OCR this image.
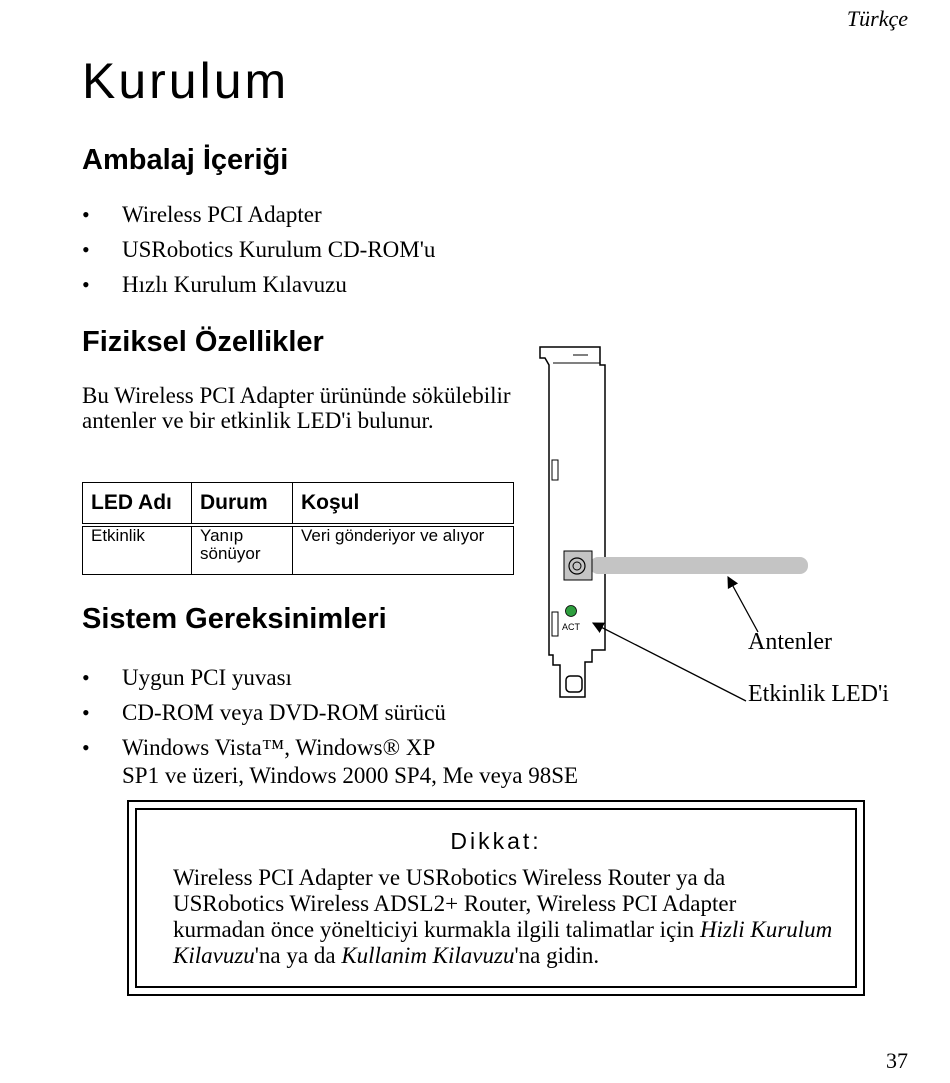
Türkçe
Kurulum
Ambalaj İçeriği
• Wireless PCI Adapter
• USRobotics Kurulum CD-ROM'u
• Hızlı Kurulum Kılavuzu
Fiziksel Özellikler
Bu Wireless PCI Adapter ürününde sökülebilir antenler ve bir etkinlik LED'i bulunur.
LED Adı	Durum	Koşul
Etkinlik	Yanıp sönüyor	Veri gönderiyor ve alıyor
Sistem Gereksinimleri
• Uygun PCI yuvası
• CD-ROM veya DVD-ROM sürücü
• Windows Vista™, Windows® XP
SP1 ve üzeri, Windows 2000 SP4, Me veya 98SE
ACT
Antenler
Etkinlik LED'i
Dikkat:
Wireless PCI Adapter ve USRobotics Wireless Router ya da USRobotics Wireless ADSL2+ Router, Wireless PCI Adapter kurmadan önce yönelticiyi kurmakla ilgili talimatlar için Hizli Kurulum Kilavuzu'na ya da Kullanim Kilavuzu'na gidin.
37
